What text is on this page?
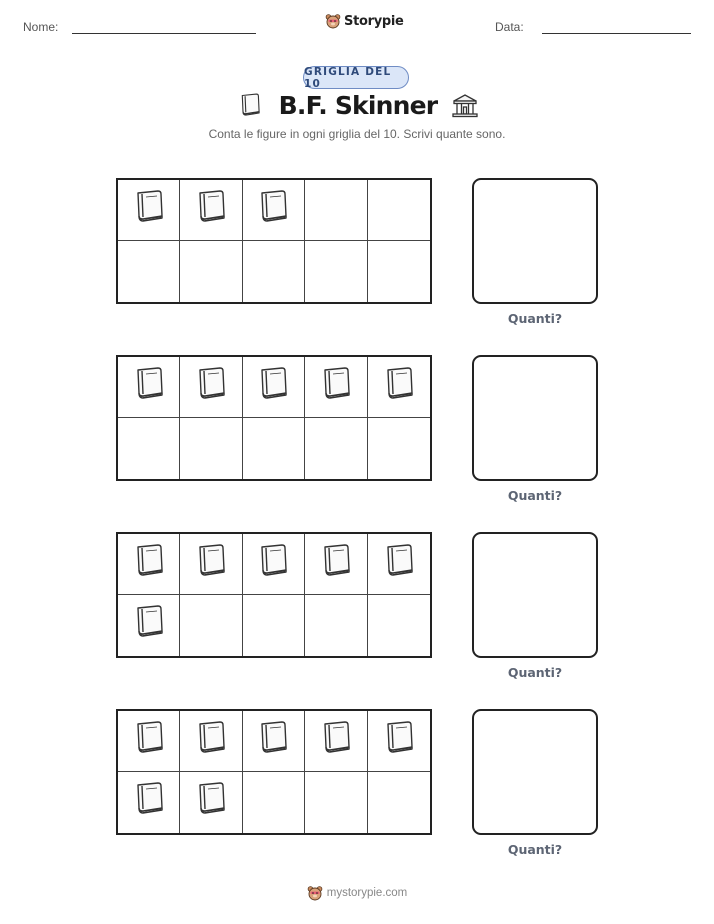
Nome:	Storypie	Data:
GRIGLIA DEL 10
B.F. Skinner
Conta le figure in ogni griglia del 10. Scrivi quante sono.
Quanti?
Quanti?
Quanti?
Quanti?
mystorypie.com
